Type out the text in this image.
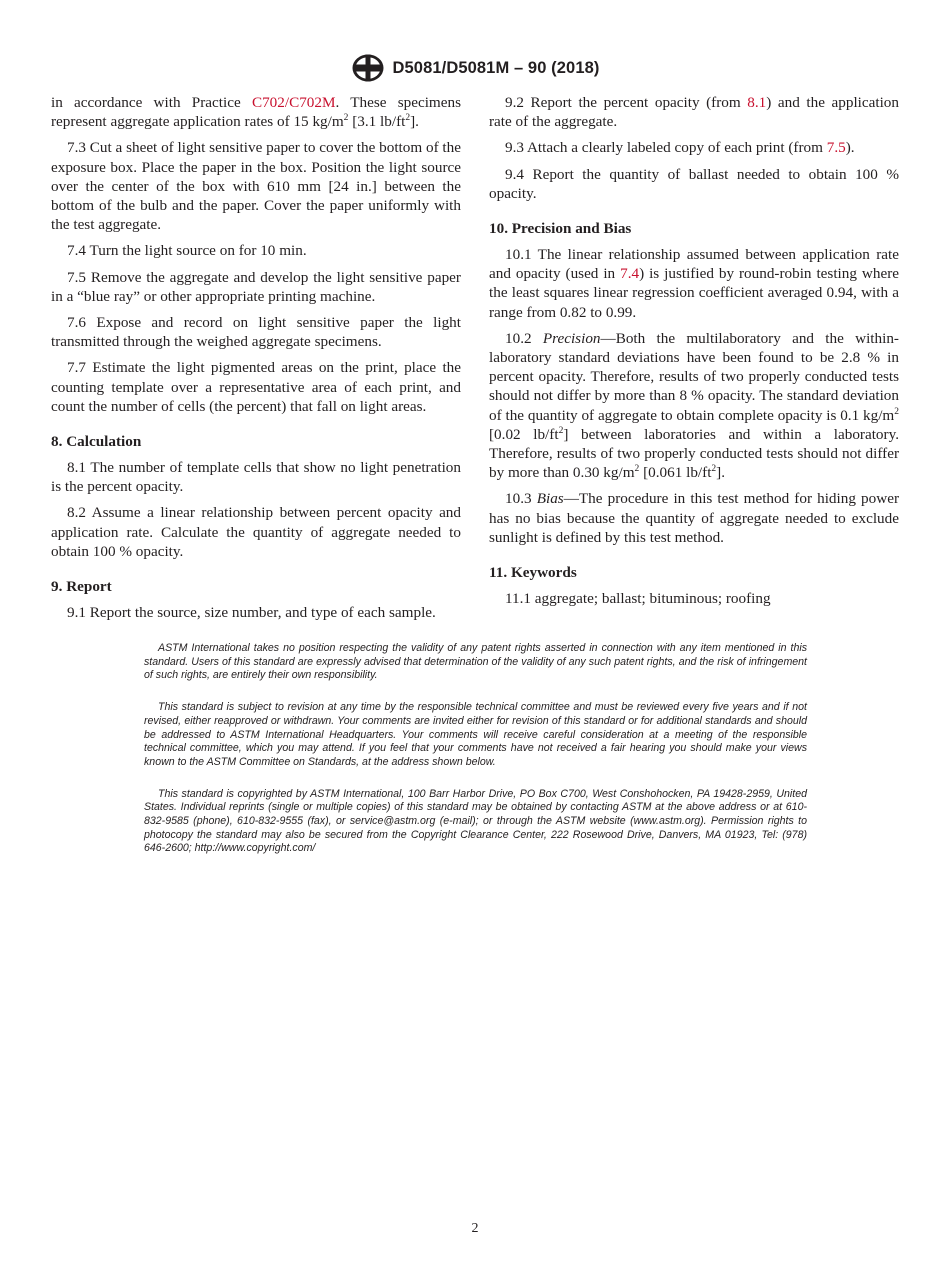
D5081/D5081M – 90 (2018)

in accordance with Practice C702/C702M. These specimens represent aggregate application rates of 15 $kg/m^2$ [3.1 $lb/ft^2$].

7.3 Cut a sheet of light sensitive paper to cover the bottom of the exposure box. Place the paper in the box. Position the light source over the center of the box with 610 mm [24 in.] between the bottom of the bulb and the paper. Cover the paper uniformly with the test aggregate.

7.4 Turn the light source on for 10 min.

7.5 Remove the aggregate and develop the light sensitive paper in a “blue ray” or other appropriate printing machine.

7.6 Expose and record on light sensitive paper the light transmitted through the weighed aggregate specimens.

7.7 Estimate the light pigmented areas on the print, place the counting template over a representative area of each print, and count the number of cells (the percent) that fall on light areas.

8. Calculation

8.1 The number of template cells that show no light penetration is the percent opacity.

8.2 Assume a linear relationship between percent opacity and application rate. Calculate the quantity of aggregate needed to obtain 100 % opacity.

9. Report

9.1 Report the source, size number, and type of each sample.

9.2 Report the percent opacity (from 8.1) and the application rate of the aggregate.

9.3 Attach a clearly labeled copy of each print (from 7.5).

9.4 Report the quantity of ballast needed to obtain 100 % opacity.

10. Precision and Bias

10.1 The linear relationship assumed between application rate and opacity (used in 7.4) is justified by round-robin testing where the least squares linear regression coefficient averaged 0.94, with a range from 0.82 to 0.99.

10.2 Precision—Both the multilaboratory and the within-laboratory standard deviations have been found to be 2.8 % in percent opacity. Therefore, results of two properly conducted tests should not differ by more than 8 % opacity. The standard deviation of the quantity of aggregate to obtain complete opacity is 0.1 $kg/m^2$ [0.02 $lb/ft^2$] between laboratories and within a laboratory. Therefore, results of two properly conducted tests should not differ by more than 0.30 $kg/m^2$ [0.061 $lb/ft^2$].

10.3 Bias—The procedure in this test method for hiding power has no bias because the quantity of aggregate needed to exclude sunlight is defined by this test method.

11. Keywords

11.1 aggregate; ballast; bituminous; roofing

ASTM International takes no position respecting the validity of any patent rights asserted in connection with any item mentioned in this standard. Users of this standard are expressly advised that determination of the validity of any such patent rights, and the risk of infringement of such rights, are entirely their own responsibility.

This standard is subject to revision at any time by the responsible technical committee and must be reviewed every five years and if not revised, either reapproved or withdrawn. Your comments are invited either for revision of this standard or for additional standards and should be addressed to ASTM International Headquarters. Your comments will receive careful consideration at a meeting of the responsible technical committee, which you may attend. If you feel that your comments have not received a fair hearing you should make your views known to the ASTM Committee on Standards, at the address shown below.

This standard is copyrighted by ASTM International, 100 Barr Harbor Drive, PO Box C700, West Conshohocken, PA 19428-2959, United States. Individual reprints (single or multiple copies) of this standard may be obtained by contacting ASTM at the above address or at 610-832-9585 (phone), 610-832-9555 (fax), or service@astm.org (e-mail); or through the ASTM website (www.astm.org). Permission rights to photocopy the standard may also be secured from the Copyright Clearance Center, 222 Rosewood Drive, Danvers, MA 01923, Tel: (978) 646-2600; http://www.copyright.com/

2
